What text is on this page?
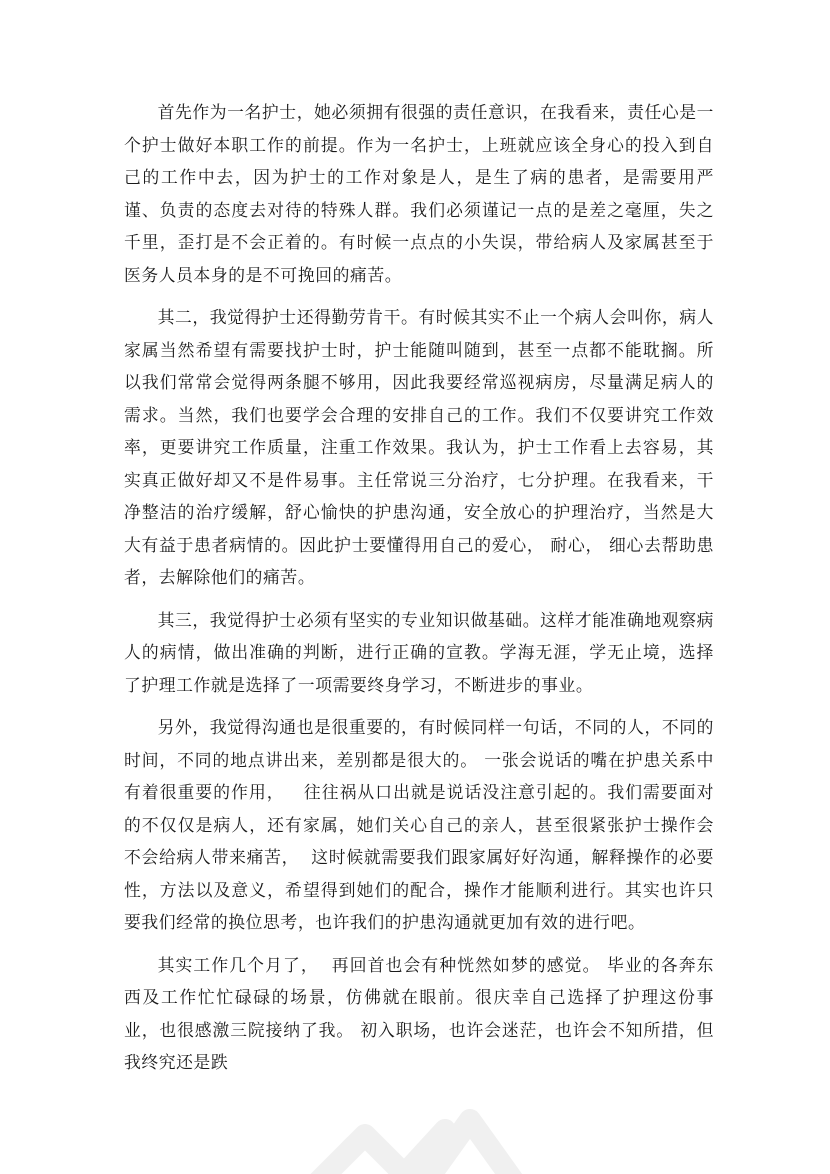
首先作为一名护士，她必须拥有很强的责任意识，在我看来，责任心是一个护士做好本职工作的前提。作为一名护士，上班就应该全身心的投入到自己的工作中去，因为护士的工作对象是人，是生了病的患者，是需要用严谨、负责的态度去对待的特殊人群。我们必须谨记一点的是差之毫厘，失之千里，歪打是不会正着的。有时候一点点的小失误，带给病人及家属甚至于医务人员本身的是不可挽回的痛苦。

其二，我觉得护士还得勤劳肯干。有时候其实不止一个病人会叫你，病人家属当然希望有需要找护士时，护士能随叫随到，甚至一点都不能耽搁。所以我们常常会觉得两条腿不够用，因此我要经常巡视病房，尽量满足病人的需求。当然，我们也要学会合理的安排自己的工作。我们不仅要讲究工作效率，更要讲究工作质量，注重工作效果。我认为，护士工作看上去容易，其实真正做好却又不是件易事。主任常说三分治疗，七分护理。在我看来，干净整洁的治疗缓解，舒心愉快的护患沟通，安全放心的护理治疗，当然是大大有益于患者病情的。因此护士要懂得用自己的爱心， 耐心， 细心去帮助患者，去解除他们的痛苦。

其三，我觉得护士必须有坚实的专业知识做基础。这样才能准确地观察病人的病情，做出准确的判断，进行正确的宣教。学海无涯，学无止境，选择了护理工作就是选择了一项需要终身学习，不断进步的事业。

另外，我觉得沟通也是很重要的，有时候同样一句话，不同的人，不同的时间，不同的地点讲出来，差别都是很大的。 一张会说话的嘴在护患关系中有着很重要的作用，   往往祸从口出就是说话没注意引起的。我们需要面对的不仅仅是病人，还有家属，她们关心自己的亲人，甚至很紧张护士操作会不会给病人带来痛苦，  这时候就需要我们跟家属好好沟通，解释操作的必要性，方法以及意义，希望得到她们的配合，操作才能顺利进行。其实也许只要我们经常的换位思考，也许我们的护患沟通就更加有效的进行吧。

其实工作几个月了，  再回首也会有种恍然如梦的感觉。 毕业的各奔东西及工作忙忙碌碌的场景，仿佛就在眼前。很庆幸自己选择了护理这份事业，也很感激三院接纳了我。 初入职场，也许会迷茫，也许会不知所措，但我终究还是跌
